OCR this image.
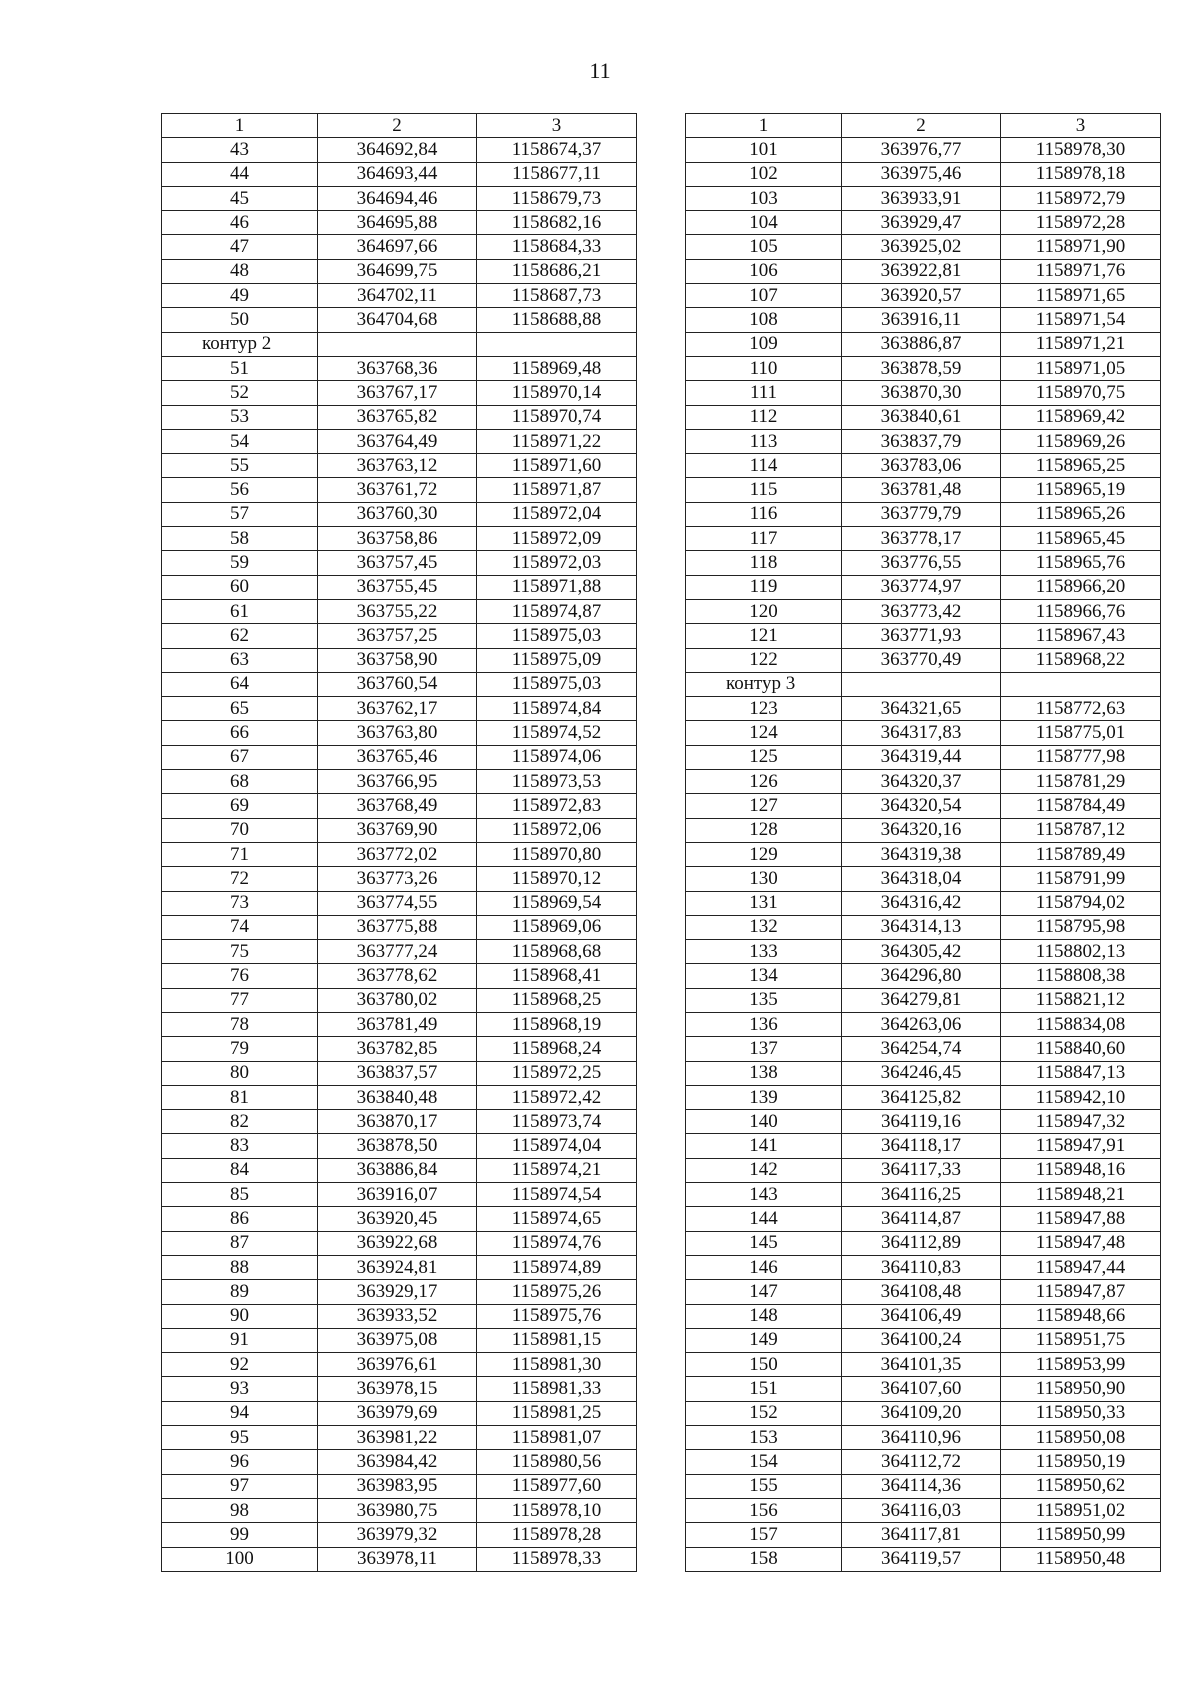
11
1	2	3
43	364692,84	1158674,37
44	364693,44	1158677,11
45	364694,46	1158679,73
46	364695,88	1158682,16
47	364697,66	1158684,33
48	364699,75	1158686,21
49	364702,11	1158687,73
50	364704,68	1158688,88
контур 2		
51	363768,36	1158969,48
52	363767,17	1158970,14
53	363765,82	1158970,74
54	363764,49	1158971,22
55	363763,12	1158971,60
56	363761,72	1158971,87
57	363760,30	1158972,04
58	363758,86	1158972,09
59	363757,45	1158972,03
60	363755,45	1158971,88
61	363755,22	1158974,87
62	363757,25	1158975,03
63	363758,90	1158975,09
64	363760,54	1158975,03
65	363762,17	1158974,84
66	363763,80	1158974,52
67	363765,46	1158974,06
68	363766,95	1158973,53
69	363768,49	1158972,83
70	363769,90	1158972,06
71	363772,02	1158970,80
72	363773,26	1158970,12
73	363774,55	1158969,54
74	363775,88	1158969,06
75	363777,24	1158968,68
76	363778,62	1158968,41
77	363780,02	1158968,25
78	363781,49	1158968,19
79	363782,85	1158968,24
80	363837,57	1158972,25
81	363840,48	1158972,42
82	363870,17	1158973,74
83	363878,50	1158974,04
84	363886,84	1158974,21
85	363916,07	1158974,54
86	363920,45	1158974,65
87	363922,68	1158974,76
88	363924,81	1158974,89
89	363929,17	1158975,26
90	363933,52	1158975,76
91	363975,08	1158981,15
92	363976,61	1158981,30
93	363978,15	1158981,33
94	363979,69	1158981,25
95	363981,22	1158981,07
96	363984,42	1158980,56
97	363983,95	1158977,60
98	363980,75	1158978,10
99	363979,32	1158978,28
100	363978,11	1158978,33
1	2	3
101	363976,77	1158978,30
102	363975,46	1158978,18
103	363933,91	1158972,79
104	363929,47	1158972,28
105	363925,02	1158971,90
106	363922,81	1158971,76
107	363920,57	1158971,65
108	363916,11	1158971,54
109	363886,87	1158971,21
110	363878,59	1158971,05
111	363870,30	1158970,75
112	363840,61	1158969,42
113	363837,79	1158969,26
114	363783,06	1158965,25
115	363781,48	1158965,19
116	363779,79	1158965,26
117	363778,17	1158965,45
118	363776,55	1158965,76
119	363774,97	1158966,20
120	363773,42	1158966,76
121	363771,93	1158967,43
122	363770,49	1158968,22
контур 3		
123	364321,65	1158772,63
124	364317,83	1158775,01
125	364319,44	1158777,98
126	364320,37	1158781,29
127	364320,54	1158784,49
128	364320,16	1158787,12
129	364319,38	1158789,49
130	364318,04	1158791,99
131	364316,42	1158794,02
132	364314,13	1158795,98
133	364305,42	1158802,13
134	364296,80	1158808,38
135	364279,81	1158821,12
136	364263,06	1158834,08
137	364254,74	1158840,60
138	364246,45	1158847,13
139	364125,82	1158942,10
140	364119,16	1158947,32
141	364118,17	1158947,91
142	364117,33	1158948,16
143	364116,25	1158948,21
144	364114,87	1158947,88
145	364112,89	1158947,48
146	364110,83	1158947,44
147	364108,48	1158947,87
148	364106,49	1158948,66
149	364100,24	1158951,75
150	364101,35	1158953,99
151	364107,60	1158950,90
152	364109,20	1158950,33
153	364110,96	1158950,08
154	364112,72	1158950,19
155	364114,36	1158950,62
156	364116,03	1158951,02
157	364117,81	1158950,99
158	364119,57	1158950,48
